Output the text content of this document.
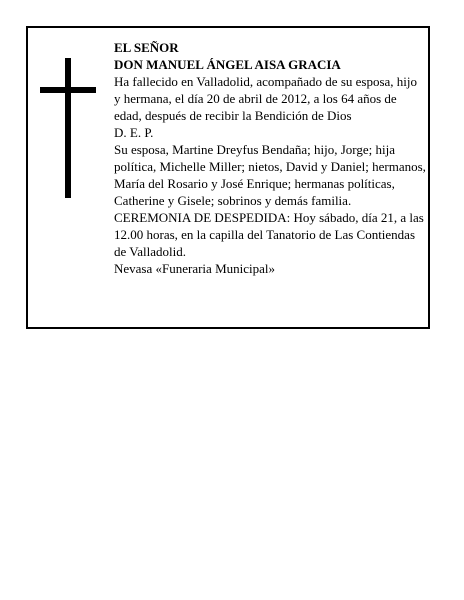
EL SEÑOR

DON MANUEL ÁNGEL AISA GRACIA

Ha fallecido en Valladolid, acompañado de su esposa, hijo y hermana, el día 20 de abril de 2012, a los 64 años de edad, después de recibir la Bendición de Dios

D. E. P.

Su esposa, Martine Dreyfus Bendaña; hijo, Jorge; hija política, Michelle Miller; nietos, David y Daniel; hermanos, María del Rosario y José Enrique; hermanas políticas, Catherine y Gisele; sobrinos y demás familia.

CEREMONIA DE DESPEDIDA: Hoy sábado, día 21, a las 12.00 horas, en la capilla del Tanatorio de Las Contiendas de Valladolid.

Nevasa «Funeraria Municipal»
